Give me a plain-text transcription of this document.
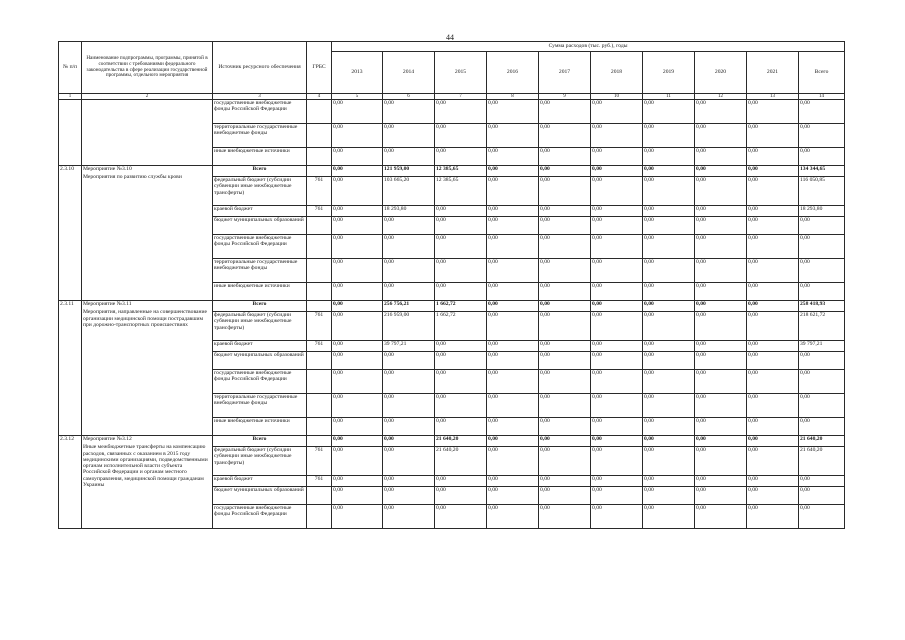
44
№ п/п	Наименование подпрограммы, программы, принятой в соответствии с требованиями федерального законодательства в сфере реализации государственной программы, отдельного мероприятия	Источник ресурсного обеспечения	ГРБС	Сумма расходов (тыс. руб.), годы									
				2013	2014	2015	2016	2017	2018	2019	2020	2021	Всего
1	2	3	4	5	6	7	8	9	10	11	12	13	14
		государственные внебюджетные фонды Российской Федерации		0,00	0,00	0,00	0,00	0,00	0,00	0,00	0,00	0,00	0,00
		территориальные государственные внебюджетные фонды		0,00	0,00	0,00	0,00	0,00	0,00	0,00	0,00	0,00	0,00
		иные внебюджетные источники		0,00	0,00	0,00	0,00	0,00	0,00	0,00	0,00	0,00	0,00
2.3.10	Мероприятие №3.10
Мероприятия по развитию службы крови	Всего		0,00	121 959,00	12 385,65	0,00	0,00	0,00	0,00	0,00	0,00	134 344,65
		федеральный бюджет (субсидии субвенции иные межбюджетные трансферты)	761	0,00	103 665,20	12 385,65	0,00	0,00	0,00	0,00	0,00	0,00	116 050,85
		краевой бюджет	761	0,00	18 293,80	0,00	0,00	0,00	0,00	0,00	0,00	0,00	18 293,80
		бюджет муниципальных образований		0,00	0,00	0,00	0,00	0,00	0,00	0,00	0,00	0,00	0,00
		государственные внебюджетные фонды Российской Федерации		0,00	0,00	0,00	0,00	0,00	0,00	0,00	0,00	0,00	0,00
		территориальные государственные внебюджетные фонды		0,00	0,00	0,00	0,00	0,00	0,00	0,00	0,00	0,00	0,00
		иные внебюджетные источники		0,00	0,00	0,00	0,00	0,00	0,00	0,00	0,00	0,00	0,00
2.3.11	Мероприятие №3.11
Мероприятия, направленные на совершенствование организации медицинской помощи пострадавшим при дорожно-транспортных происшествиях	Всего		0,00	256 756,21	1 662,72	0,00	0,00	0,00	0,00	0,00	0,00	258 418,93
		федеральный бюджет (субсидии субвенции иные межбюджетные трансферты)	761	0,00	216 959,00	1 662,72	0,00	0,00	0,00	0,00	0,00	0,00	218 621,72
		краевой бюджет	761	0,00	39 797,21	0,00	0,00	0,00	0,00	0,00	0,00	0,00	39 797,21
		бюджет муниципальных образований		0,00	0,00	0,00	0,00	0,00	0,00	0,00	0,00	0,00	0,00
		государственные внебюджетные фонды Российской Федерации		0,00	0,00	0,00	0,00	0,00	0,00	0,00	0,00	0,00	0,00
		территориальные государственные внебюджетные фонды		0,00	0,00	0,00	0,00	0,00	0,00	0,00	0,00	0,00	0,00
		иные внебюджетные источники		0,00	0,00	0,00	0,00	0,00	0,00	0,00	0,00	0,00	0,00
2.3.12	Мероприятие №3.12
Иные межбюджетные трансферты на компенсацию расходов, связанных с оказанием в 2015 году медицинскими организациями, подведомственными органам исполнительной власти субъекта Российской Федерации и органам местного самоуправления, медицинской помощи гражданам Украины	Всего		0,00	0,00	21 640,20	0,00	0,00	0,00	0,00	0,00	0,00	21 640,20
		федеральный бюджет (субсидии субвенции иные межбюджетные трансферты)	761	0,00	0,00	21 640,20	0,00	0,00	0,00	0,00	0,00	0,00	21 640,20
		краевой бюджет	761	0,00	0,00	0,00	0,00	0,00	0,00	0,00	0,00	0,00	0,00
		бюджет муниципальных образований		0,00	0,00	0,00	0,00	0,00	0,00	0,00	0,00	0,00	0,00
		государственные внебюджетные фонды Российской Федерации		0,00	0,00	0,00	0,00	0,00	0,00	0,00	0,00	0,00	0,00
